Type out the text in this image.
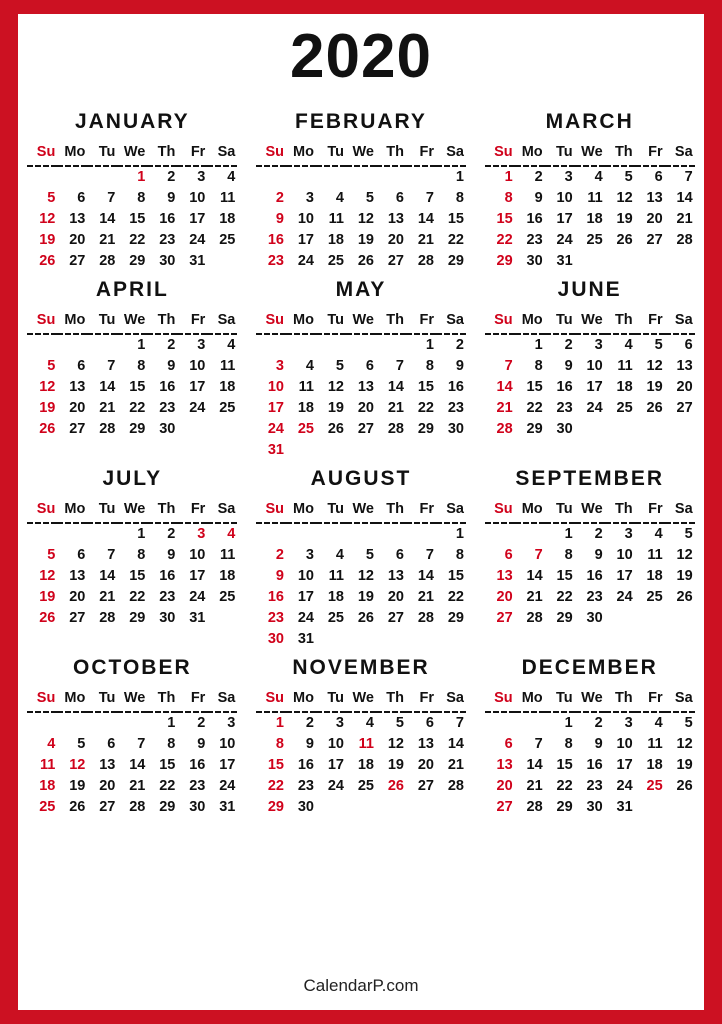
2020
JANUARY
Su	Mo	Tu	We	Th	Fr	Sa
			1	2	3	4
5	6	7	8	9	10	11
12	13	14	15	16	17	18
19	20	21	22	23	24	25
26	27	28	29	30	31	
FEBRUARY
Su	Mo	Tu	We	Th	Fr	Sa
						1
2	3	4	5	6	7	8
9	10	11	12	13	14	15
16	17	18	19	20	21	22
23	24	25	26	27	28	29
MARCH
Su	Mo	Tu	We	Th	Fr	Sa
1	2	3	4	5	6	7
8	9	10	11	12	13	14
15	16	17	18	19	20	21
22	23	24	25	26	27	28
29	30	31				
APRIL
Su	Mo	Tu	We	Th	Fr	Sa
			1	2	3	4
5	6	7	8	9	10	11
12	13	14	15	16	17	18
19	20	21	22	23	24	25
26	27	28	29	30		
MAY
Su	Mo	Tu	We	Th	Fr	Sa
					1	2
3	4	5	6	7	8	9
10	11	12	13	14	15	16
17	18	19	20	21	22	23
24	25	26	27	28	29	30
31						
JUNE
Su	Mo	Tu	We	Th	Fr	Sa
	1	2	3	4	5	6
7	8	9	10	11	12	13
14	15	16	17	18	19	20
21	22	23	24	25	26	27
28	29	30				
JULY
Su	Mo	Tu	We	Th	Fr	Sa
			1	2	3	4
5	6	7	8	9	10	11
12	13	14	15	16	17	18
19	20	21	22	23	24	25
26	27	28	29	30	31	
AUGUST
Su	Mo	Tu	We	Th	Fr	Sa
						1
2	3	4	5	6	7	8
9	10	11	12	13	14	15
16	17	18	19	20	21	22
23	24	25	26	27	28	29
30	31					
SEPTEMBER
Su	Mo	Tu	We	Th	Fr	Sa
		1	2	3	4	5
6	7	8	9	10	11	12
13	14	15	16	17	18	19
20	21	22	23	24	25	26
27	28	29	30			
OCTOBER
Su	Mo	Tu	We	Th	Fr	Sa
				1	2	3
4	5	6	7	8	9	10
11	12	13	14	15	16	17
18	19	20	21	22	23	24
25	26	27	28	29	30	31
NOVEMBER
Su	Mo	Tu	We	Th	Fr	Sa
1	2	3	4	5	6	7
8	9	10	11	12	13	14
15	16	17	18	19	20	21
22	23	24	25	26	27	28
29	30					
DECEMBER
Su	Mo	Tu	We	Th	Fr	Sa
		1	2	3	4	5
6	7	8	9	10	11	12
13	14	15	16	17	18	19
20	21	22	23	24	25	26
27	28	29	30	31		
CalendarP.com
